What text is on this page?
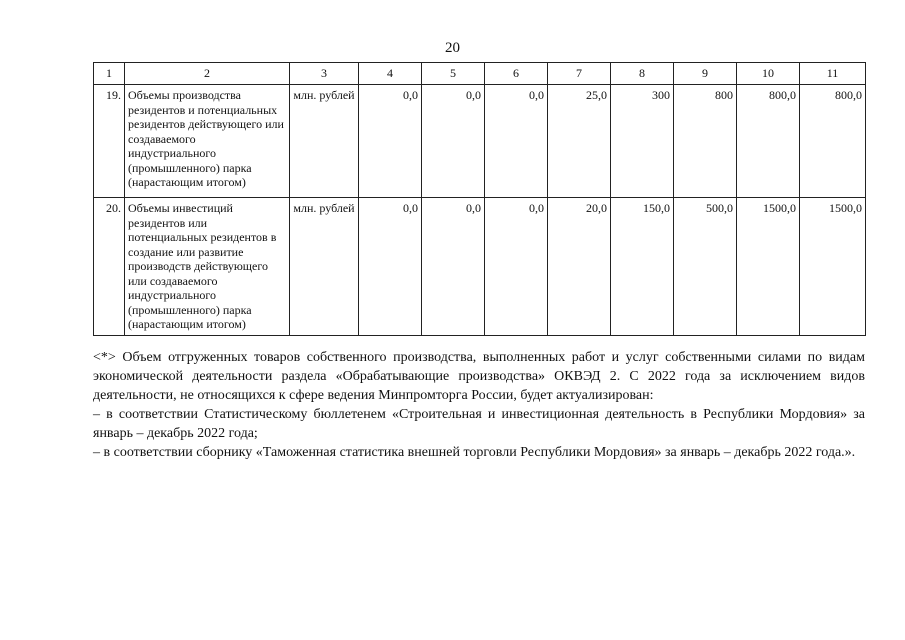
20
1	2	3	4	5	6	7	8	9	10	11
19.	Объемы производства резидентов и потенциальных резидентов действующего или создаваемого индустриального (промышленного) парка (нарастающим итогом)	млн. рублей	0,0	0,0	0,0	25,0	300	800	800,0	800,0
20.	Объемы инвестиций резидентов или потенциальных резидентов в создание или развитие производств действующего или создаваемого индустриального (промышленного) парка (нарастающим итогом)	млн. рублей	0,0	0,0	0,0	20,0	150,0	500,0	1500,0	1500,0

<*> Объем отгруженных товаров собственного производства, выполненных работ и услуг собственными силами по видам экономической деятельности раздела «Обрабатывающие производства» ОКВЭД 2. С 2022 года за исключением видов деятельности, не относящихся к сфере ведения Минпромторга России, будет актуализирован:

– в соответствии Статистическому бюллетенем «Строительная и инвестиционная деятельность в Республики Мордовия» за январь – декабрь 2022 года;

– в соответствии сборнику «Таможенная статистика внешней торговли Республики Мордовия» за январь – декабрь 2022 года.».
